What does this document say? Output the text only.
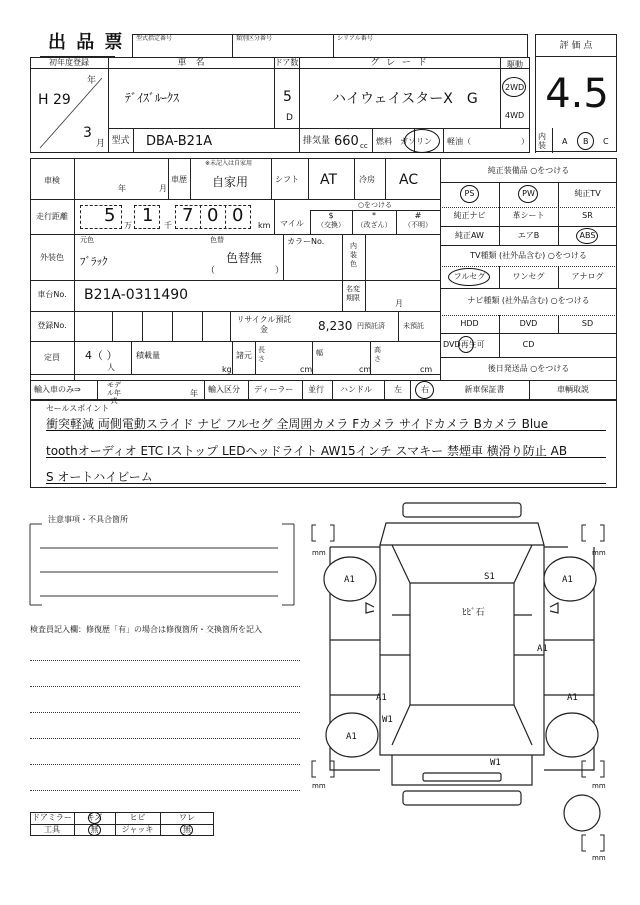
出 品 票 型式指定番号	類別区分番号	シリアル番号
評 価 点
4.5
初年度登録
年
H 29
3
月
車　名
ﾃﾞｲｽﾞﾙｰｸｽ
ドア数
5
D
グ レ ー ド
ハイウェイスターX　G
駆動
2WD
4WD
型式 DBA-B21A	排気量 660 cc 燃料 ガソリン 軽油（	）
内装 A B C
車検
年	月
車歴
※未記入は自家用
自家用	シフト AT	冷房 AC
走行距離	5 万 1 千 7 0 0 km マイル
○をつける
$
（交換）
*
（改ざん）
#
（不明）
外装色
元色
ﾌﾞﾗｯｸ
色替
色替無
（	）
カラーNo.	内装色
車台No.	B21A-0311490	名変期限
月
登録No.
リサイクル預託金	8,230 円預託済	未預託
定員	4（ ）
人
積載量
kg
諸元
長さ
cm
幅
cm
高さ
cm
輸入車のみ⇒	モデル年式
年 輸入区分 ディーラー 並行 ハンドル	左 右
純正装備品 ○をつける
PS	PW	純正TV
純正ナビ	革シート	SR
純正AW	エアB	ABS
TV種類 (社外品含む) ○をつける
フルセグ	ワンセグ	アナログ
ナビ種類 (社外品含む) ○をつける
HDD	DVD	SD
DVD再生可	CD
後日発送品 ○をつける
新車保証書	車輌取説
セールスポイント
衝突軽減 両側電動スライド ナビ フルセグ 全周囲カメラ Fカメラ サイドカメラ Bカメラ Blue
toothオーディオ ETC Iストップ LEDヘッドライト AW15インチ スマキー 禁煙車 横滑り防止 AB
S オートハイビーム
注意事項・不具合箇所
検査員記入欄：修復歴「有」の場合は修復箇所・交換箇所を記入
ドアミラー	キズ	ヒビ	ワレ
工具	無	ジャッキ	無
mm	mm
mm	mm
mm
A1	A1
S1
ﾋﾋﾞ石
A1
A1	A1
W1
A1
W1
